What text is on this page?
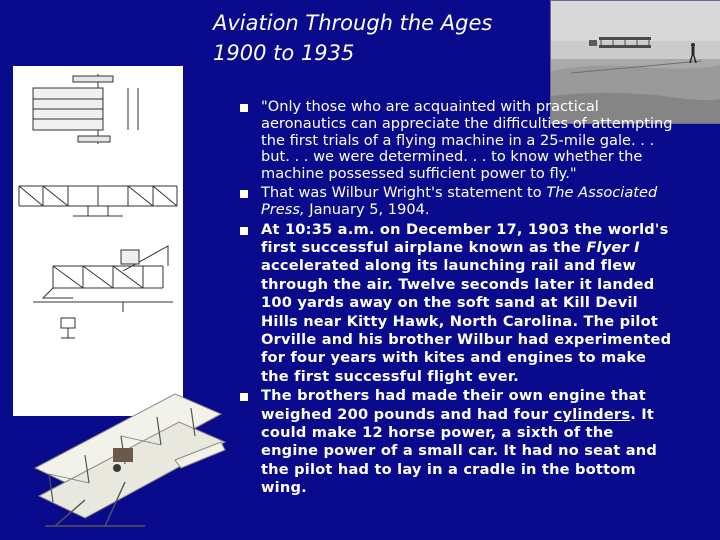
Aviation Through the Ages
1900 to 1935
"Only those who are acquainted with practical aeronautics can appreciate the difficulties of attempting the first trials of a flying machine in a 25-mile gale. . . but. . . we were determined. . . to know whether the machine possessed sufficient power to fly."
That was Wilbur Wright's statement to The Associated Press, January 5, 1904.
At 10:35 a.m. on December 17, 1903 the world's first successful airplane known as the Flyer I accelerated along its launching rail and flew through the air. Twelve seconds later it landed 100 yards away on the soft sand at Kill Devil Hills near Kitty Hawk, North Carolina. The pilot Orville and his brother Wilbur had experimented for four years with kites and engines to make the first successful flight ever.
The brothers had made their own engine that weighed 200 pounds and had four cylinders. It could make 12 horse power, a sixth of the engine power of a small car. It had no seat and the pilot had to lay in a cradle in the bottom wing.
